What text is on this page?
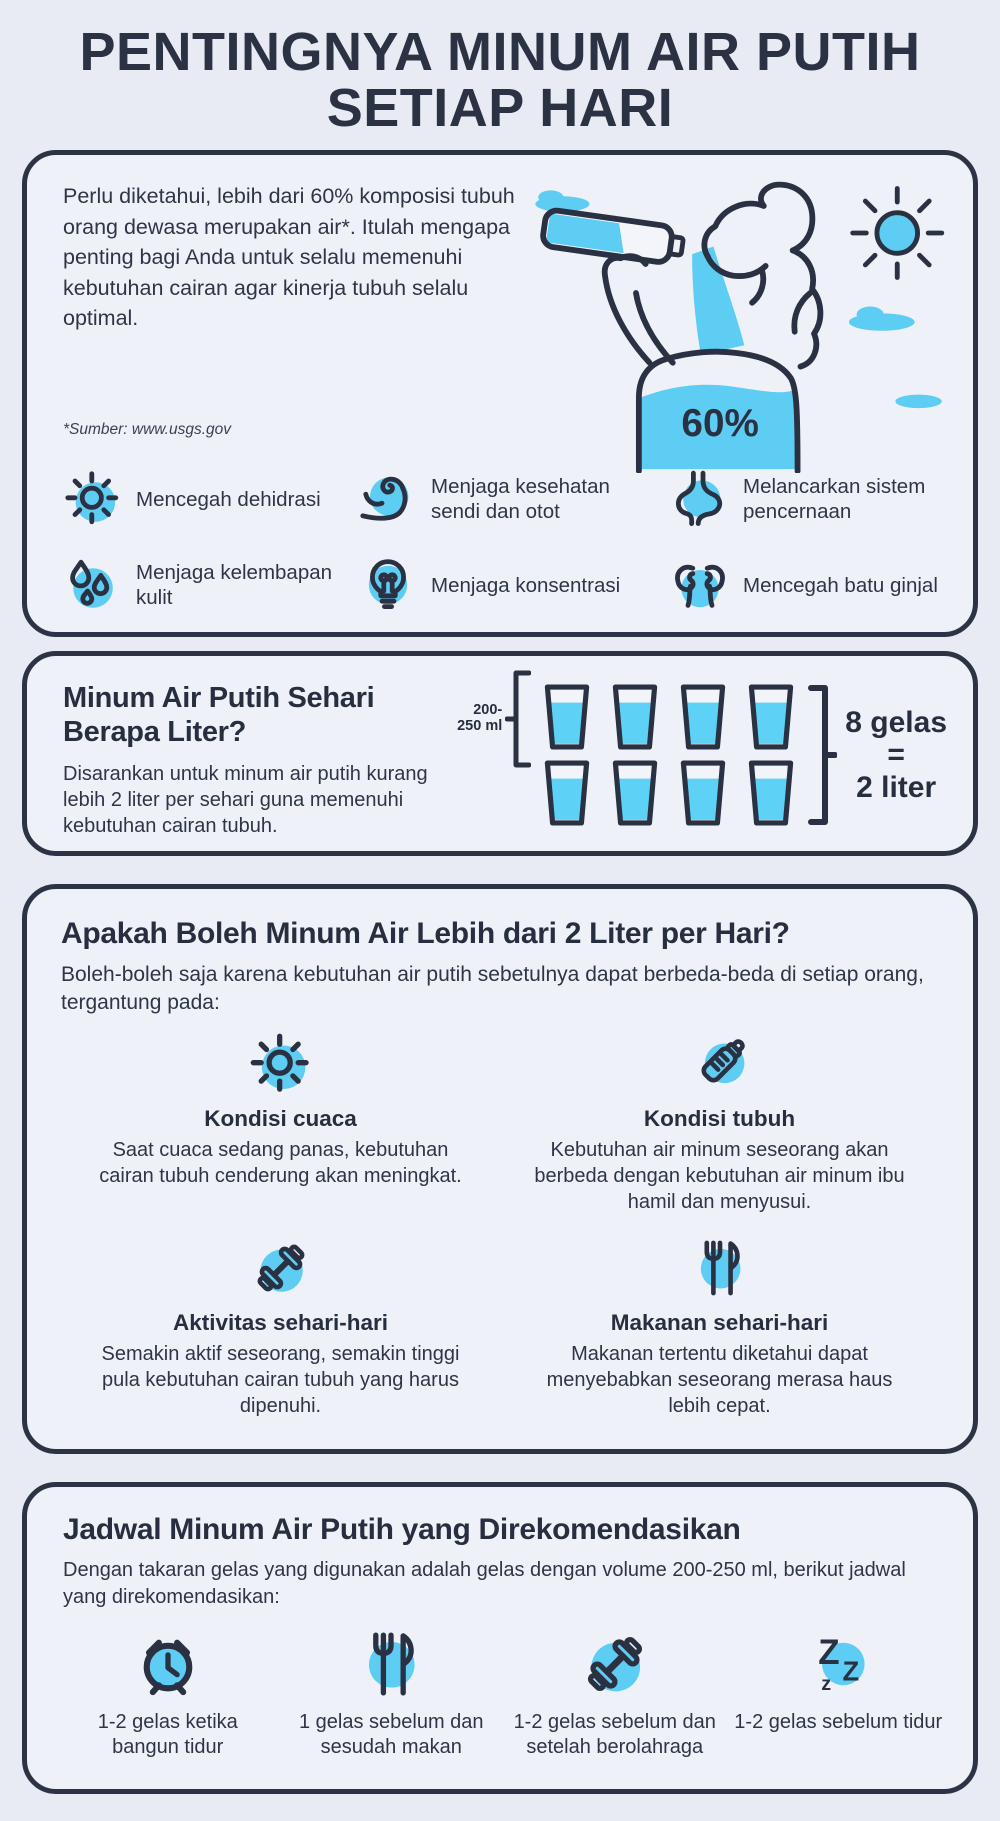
PENTINGNYA MINUM AIR PUTIH
SETIAP HARI
Perlu diketahui, lebih dari 60% komposisi tubuh orang dewasa merupakan air*. Itulah mengapa penting bagi Anda untuk selalu memenuhi kebutuhan cairan agar kinerja tubuh selalu optimal.
*Sumber: www.usgs.gov	60%
Mencegah dehidrasi
Menjaga kesehatan sendi dan otot
Melancarkan sistem pencernaan
Menjaga kelembapan kulit
Menjaga konsentrasi	Mencegah batu ginjal
Minum Air Putih Sehari Berapa Liter?
Disarankan untuk minum air putih kurang lebih 2 liter per sehari guna memenuhi kebutuhan cairan tubuh.
200-
250 ml	8 gelas
=
2 liter
Apakah Boleh Minum Air Lebih dari 2 Liter per Hari?
Boleh-boleh saja karena kebutuhan air putih sebetulnya dapat berbeda-beda di setiap orang, tergantung pada:
Kondisi cuaca
Saat cuaca sedang panas, kebutuhan cairan tubuh cenderung akan meningkat.
Kondisi tubuh
Kebutuhan air minum seseorang akan berbeda dengan kebutuhan air minum ibu hamil dan menyusui.
Aktivitas sehari-hari
Semakin aktif seseorang, semakin tinggi pula kebutuhan cairan tubuh yang harus dipenuhi.
Makanan sehari-hari
Makanan tertentu diketahui dapat menyebabkan seseorang merasa haus lebih cepat.
Jadwal Minum Air Putih yang Direkomendasikan
Dengan takaran gelas yang digunakan adalah gelas dengan volume 200-250 ml, berikut jadwal yang direkomendasikan:
1-2 gelas ketika bangun tidur
1 gelas sebelum dan sesudah makan
1-2 gelas sebelum dan setelah berolahraga
Z Z
z
1-2 gelas sebelum tidur
